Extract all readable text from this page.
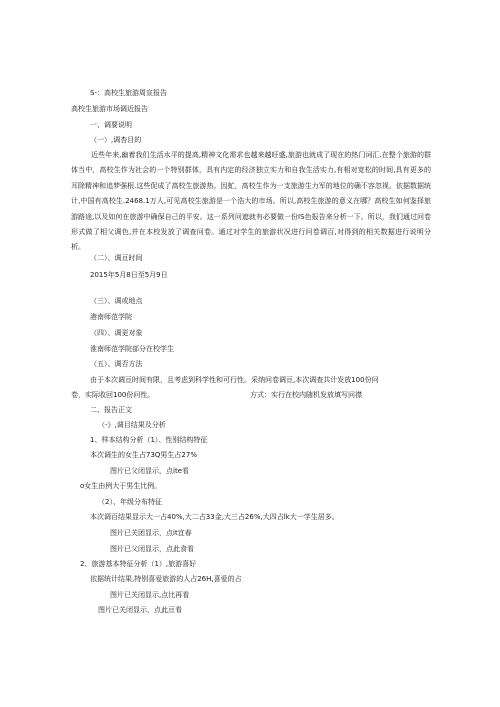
S-：高校生旅游周宣报告
高校生旅游市场调近报告
一、调要说明
（一）,调杏目的
近些年来,幽着我们生活水平的提高,精神文化需求也越来越旺盛,旅游也就成了现在的热门词汇.在整个旅游的群体当中，高校生作为社会的一个特别群体，具有内定的经济独立实力和自我生活实力,有相对宽松的时间,具有更多的耳除精神和追梦强根.这些促成了高校生旅游热。因虻，高校生作为一支旅游生力军的地位的确不容忽视。依据数据统计,中国有高校生.2468.1万人,可见高校生旅游是一个浩大的市场。所以,高校生旅游的意义在哪？高校生如何鉴择旅游路途,以及如何在旅游中确保自己的平安。这一系列问遮就有必要做一份IS色报告来分析一下。所以，我们通过问卷形式做了相父调色,并在本校发放了调查问卷。通过对学生的旅游状况进行问卷调百,对得到的相关数据进行说明分析。
（二）、调亘时间
2015年5月8日至5月9日
（三）、调或地点
港南师范学院
（四）、调更对象
淮南师范学院部分在校学生
（五）、调否方法
由于本次调亘时间有限，且考虑到科学性和可行性。采纳问卷调亘,本次调查共计发放100份问
卷，实际收回100份问性。	方式：实行在校内随机发放填写问襟
二、报告正文
（-》,调目结果及分析
1、样本结构分析（1）、性别结构特征
本次调生的女生占73Q男生占27%
图片已父闭显示，点ite看
o女生由例大于男生比例。
（2）、年级分布特征
本次调百结果显示大一占40%,大二占33金,大三占26%,大四占lk大一学生居多。
图片已关团显示，点it宜春
图片已父闭显示，点此食看
2、旅游基本特征分析（1）,旅游喜好
依据统计结果,特别喜爱旅游的人占26H,喜爱的占
图片已关闭显示,点比再看
图片已关闭显示，点此亘看
